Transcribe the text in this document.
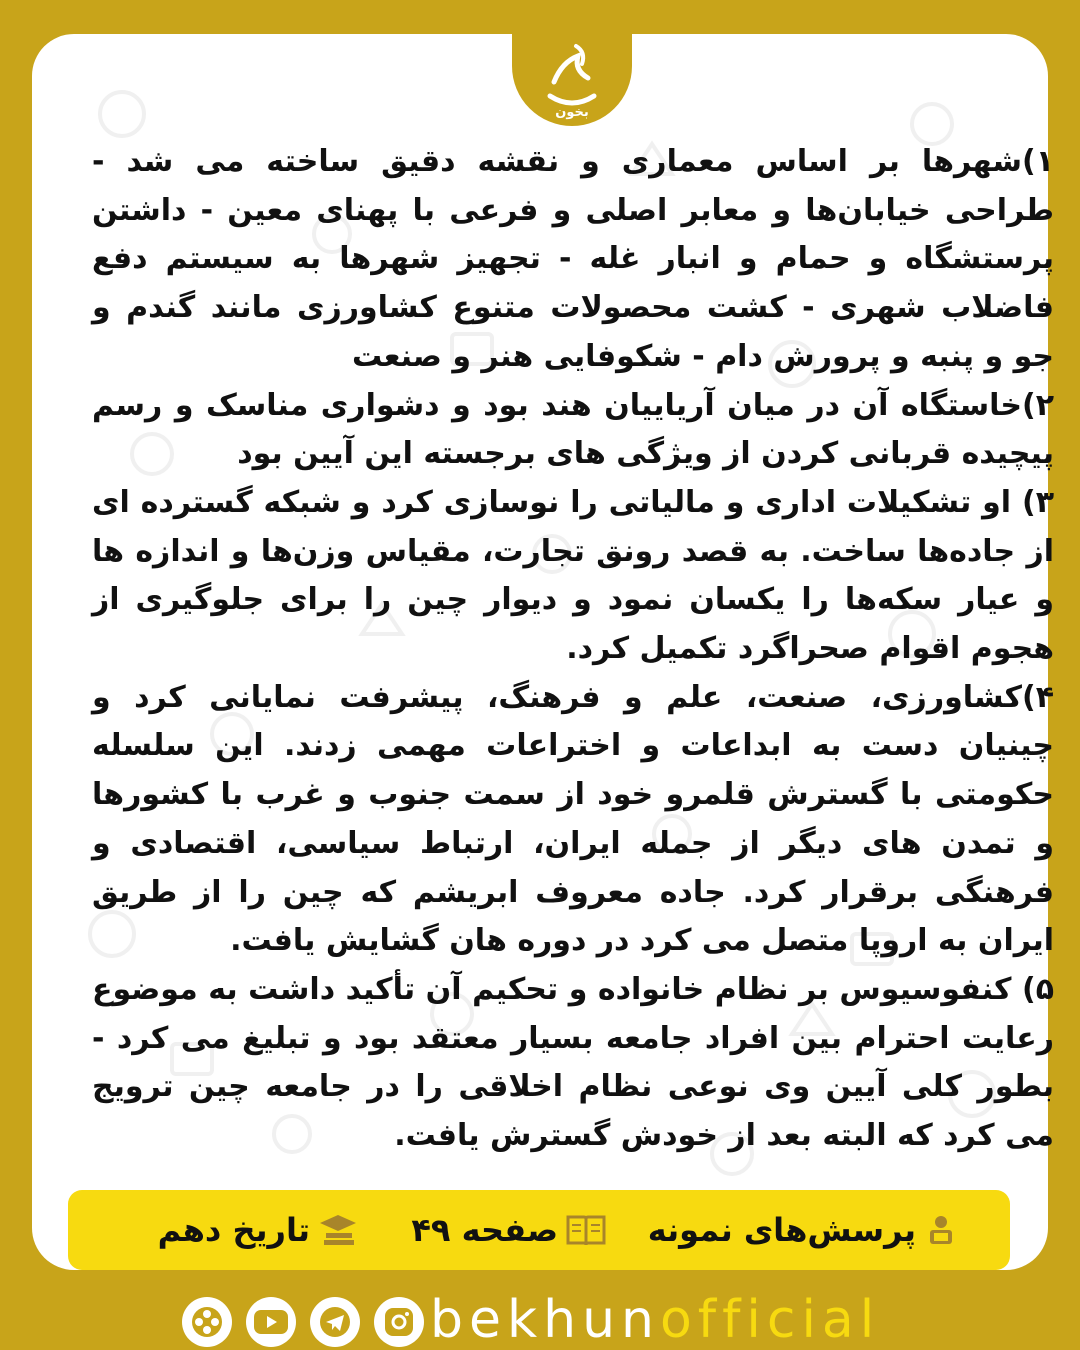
بخون

۱)شهرها بر اساس معماری و نقشه دقیق ساخته می شد - طراحی خیابان‌ها و معابر اصلی و فرعی با پهنای معین - داشتن پرستشگاه و حمام و انبار غله - تجهیز شهرها به سیستم دفع فاضلاب شهری - کشت محصولات متنوع کشاورزی مانند گندم و جو و پنبه و پرورش دام - شکوفایی هنر و صنعت

۲)خاستگاه آن در میان آریاییان هند بود و دشواری مناسک و رسم پیچیده قربانی کردن از ویژگی های برجسته این آیین بود

۳) او تشکیلات اداری و مالیاتی را نوسازی کرد و شبکه گسترده ای از جاده‌ها ساخت. به قصد رونق تجارت، مقیاس وزن‌ها و اندازه ها و عیار سکه‌ها را یکسان نمود و دیوار چین را برای جلوگیری از هجوم اقوام صحراگرد تکمیل کرد.

۴)کشاورزی، صنعت، علم و فرهنگ، پیشرفت نمایانی کرد و چینیان دست به ابداعات و اختراعات مهمی زدند. این سلسله حکومتی با گسترش قلمرو خود از سمت جنوب و غرب با کشورها و تمدن های دیگر از جمله ایران، ارتباط سیاسی، اقتصادی و فرهنگی برقرار کرد. جاده معروف ابریشم که چین را از طریق ایران به اروپا متصل می کرد در دوره هان گشایش یافت.

۵) کنفوسیوس بر نظام خانواده و تحکیم آن تأکید داشت به موضوع رعایت احترام بین افراد جامعه بسیار معتقد بود و تبلیغ می کرد - بطور کلی آیین وی نوعی نظام اخلاقی را در جامعه چین ترویج می کرد که البته بعد از خودش گسترش یافت.

پرسش‌های نمونه
صفحه ۴۹
تاریخ دهم
bekhunofficial
